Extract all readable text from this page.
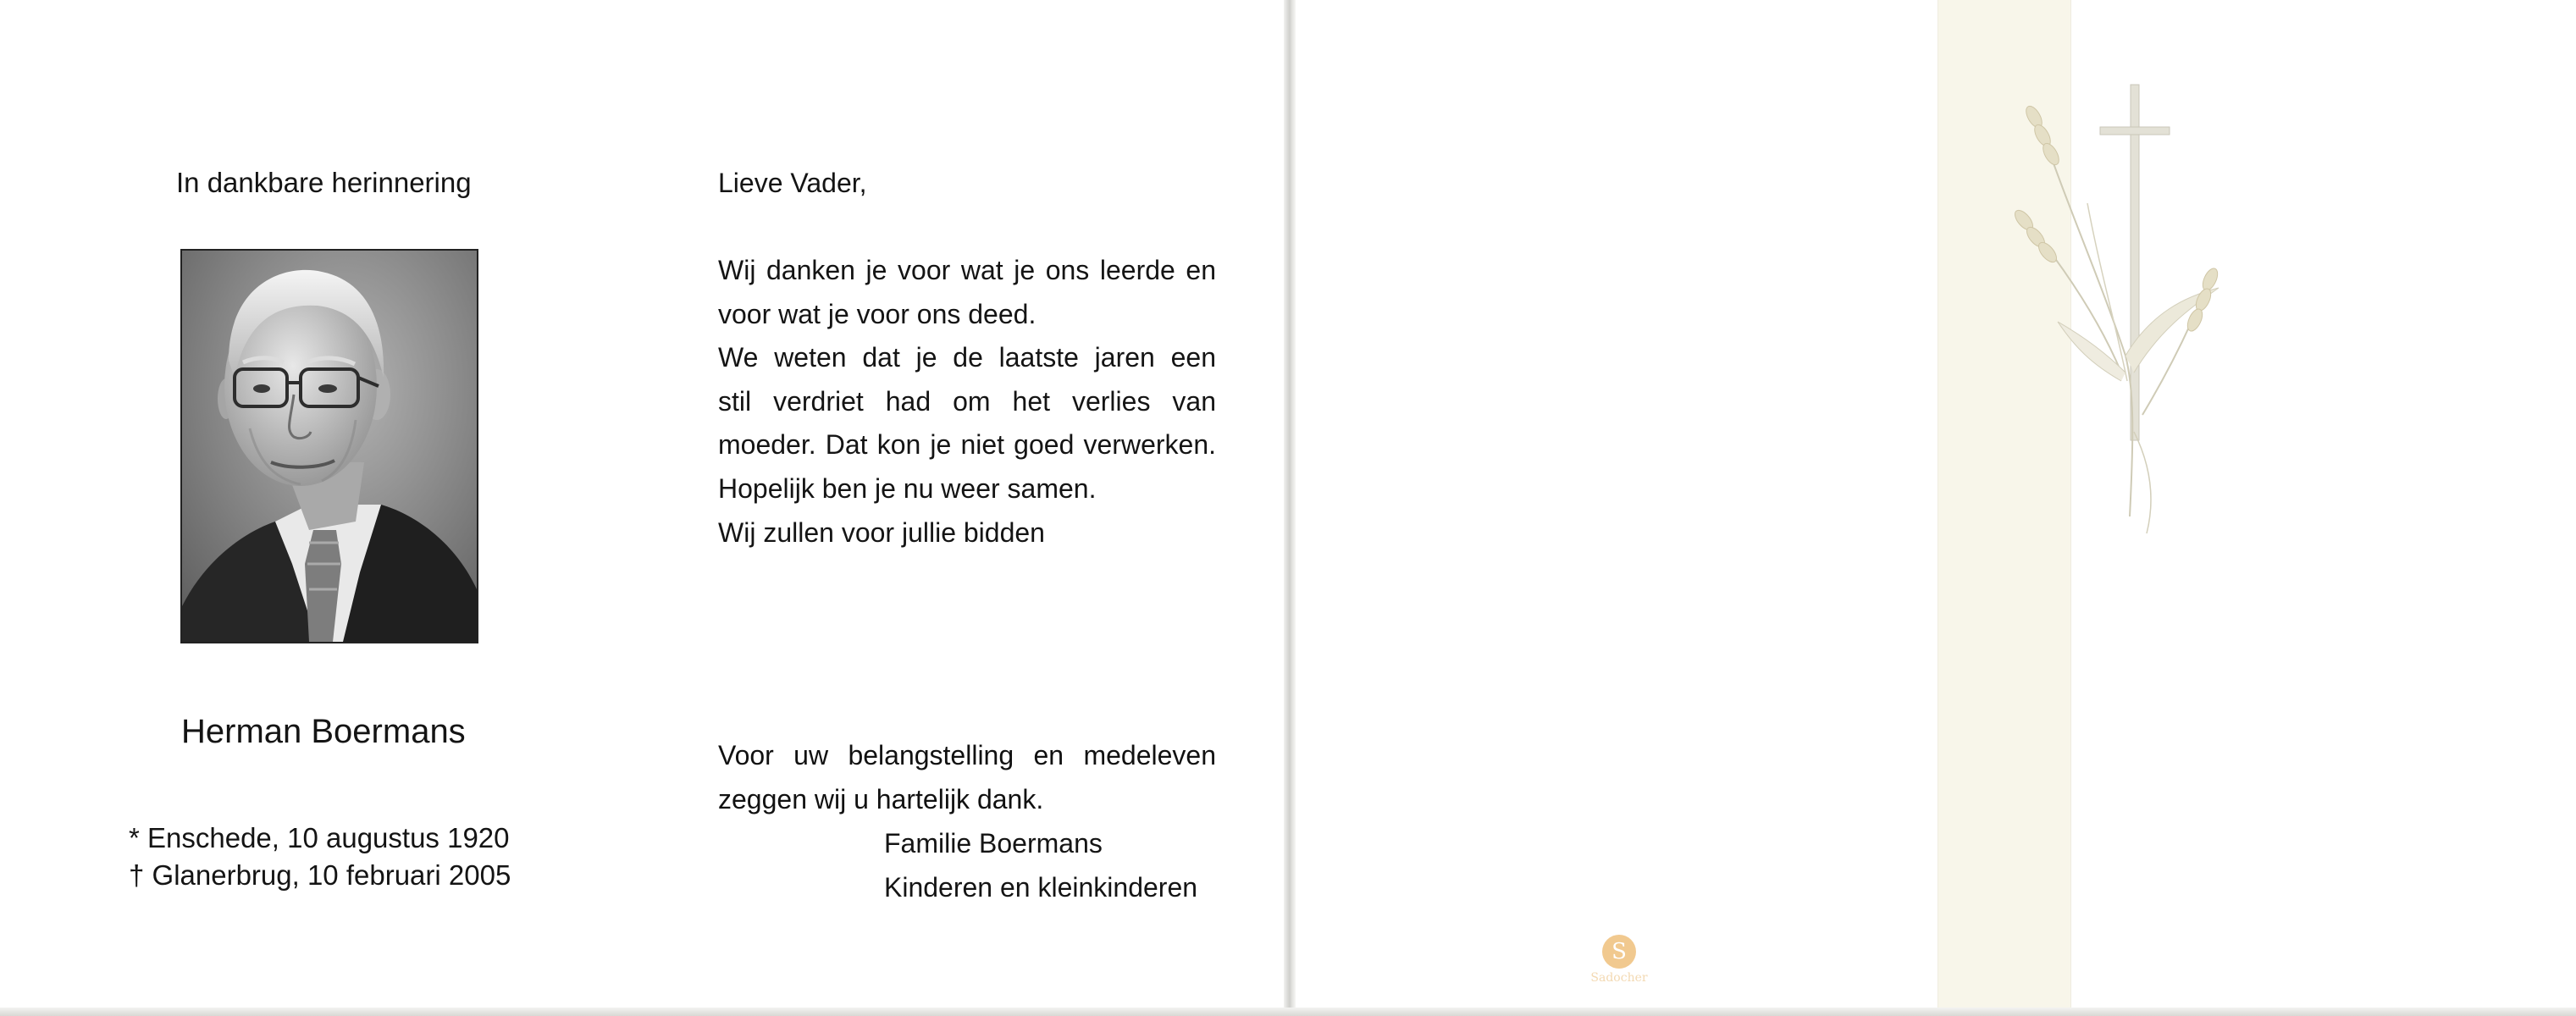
In dankbare herinnering
Herman Boermans
* Enschede, 10 augustus 1920
† Glanerbrug, 10 februari 2005
Lieve Vader,
Wij danken je voor wat je ons leerde en
voor wat je voor ons deed.
We weten dat je de laatste jaren een
stil verdriet had om het verlies van
moeder. Dat kon je niet goed verwerken.
Hopelijk ben je nu weer samen.
Wij zullen voor jullie bidden
Voor uw belangstelling en medeleven
zeggen wij u hartelijk dank.
Familie Boermans
Kinderen en kleinkinderen
S
Sadocher
